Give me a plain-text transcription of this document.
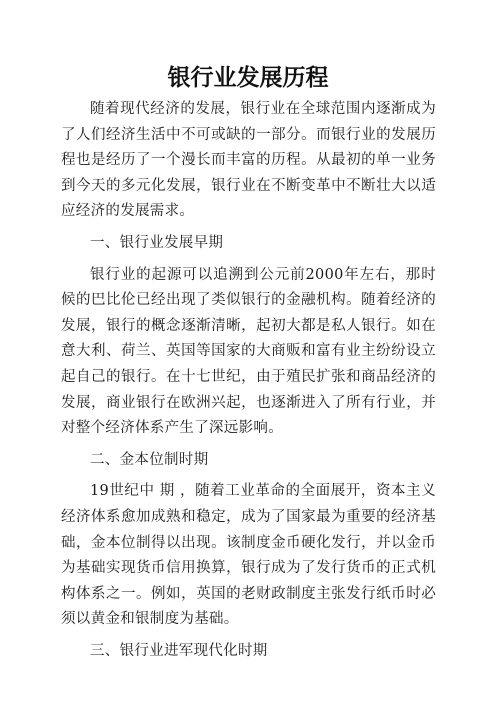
银行业发展历程

随着现代经济的发展，银行业在全球范围内逐渐成为了人们经济生活中不可或缺的一部分。而银行业的发展历程也是经历了一个漫长而丰富的历程。从最初的单一业务到今天的多元化发展，银行业在不断变革中不断壮大以适应经济的发展需求。

一、银行业发展早期

银行业的起源可以追溯到公元前2000年左右，那时候的巴比伦已经出现了类似银行的金融机构。随着经济的发展，银行的概念逐渐清晰，起初大都是私人银行。如在意大利、荷兰、英国等国家的大商贩和富有业主纷纷设立起自己的银行。在十七世纪，由于殖民扩张和商品经济的发展，商业银行在欧洲兴起，也逐渐进入了所有行业，并对整个经济体系产生了深远影响。

二、金本位制时期

19世纪中 期 ，随着工业革命的全面展开，资本主义经济体系愈加成熟和稳定，成为了国家最为重要的经济基础，金本位制得以出现。该制度金币硬化发行，并以金币为基础实现货币信用换算，银行成为了发行货币的正式机构体系之一。例如，英国的老财政制度主张发行纸币时必须以黄金和银制度为基础。

三、银行业进军现代化时期
